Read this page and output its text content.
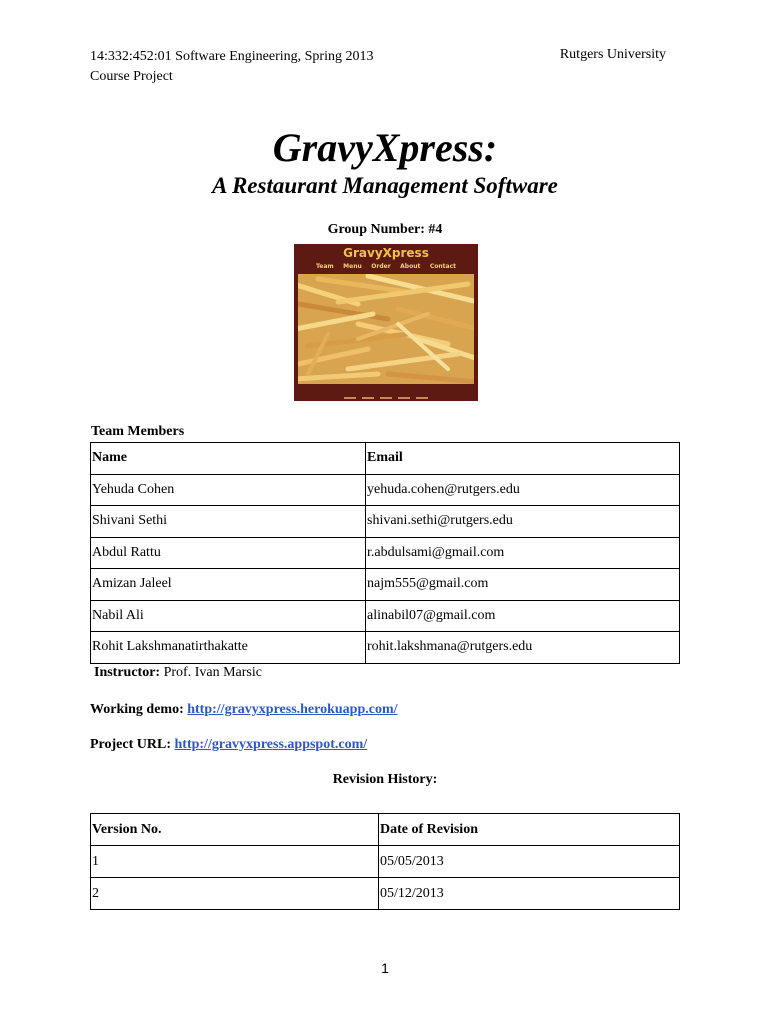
14:332:452:01 Software Engineering, Spring 2013
Course Project
Rutgers University
GravyXpress:
A Restaurant Management Software
Group Number: #4
GravyXpress
Team Menu Order About Contact
Team Members
Name	Email
Yehuda Cohen	yehuda.cohen@rutgers.edu
Shivani Sethi	shivani.sethi@rutgers.edu
Abdul Rattu	r.abdulsami@gmail.com
Amizan Jaleel	najm555@gmail.com
Nabil Ali	alinabil07@gmail.com
Rohit Lakshmanatirthakatte	rohit.lakshmana@rutgers.edu
Instructor: Prof. Ivan Marsic
Working demo: http://gravyxpress.herokuapp.com/
Project URL: http://gravyxpress.appspot.com/
Revision History:
Version No.	Date of Revision
1	05/05/2013
2	05/12/2013
1
